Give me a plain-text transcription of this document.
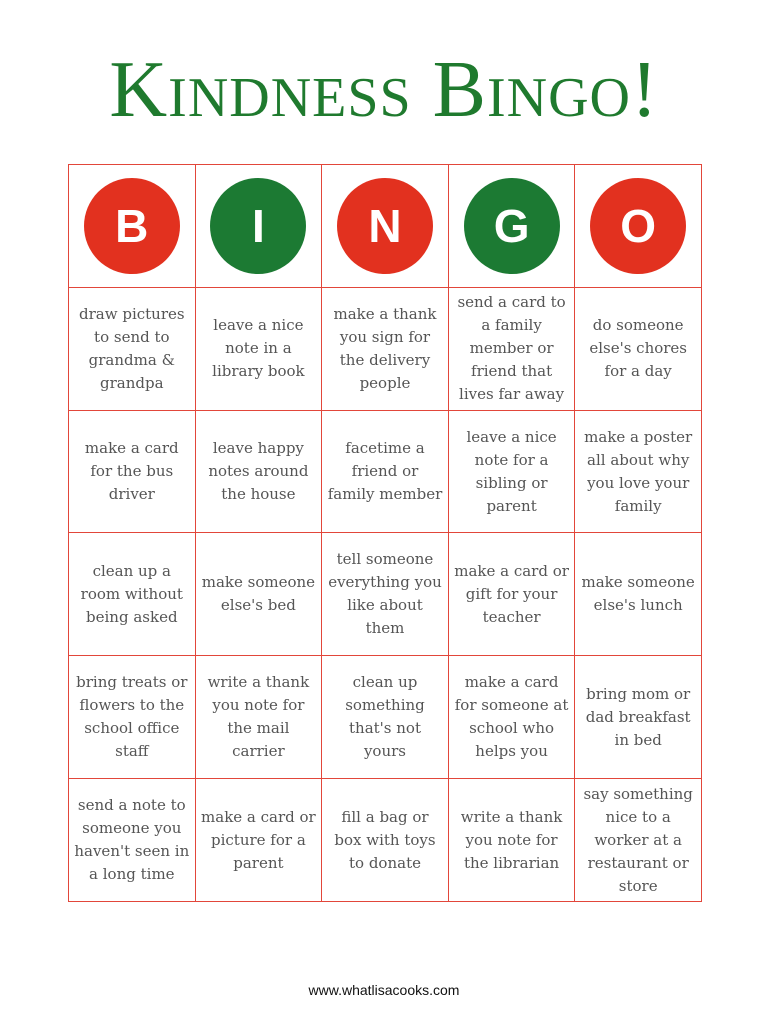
Kindness Bingo!
B	I	N	G	O
draw pictures to send to grandma & grandpa	leave a nice note in a library book	make a thank you sign for the delivery people	send a card to a family member or friend that lives far away	do someone else's chores for a day
make a card for the bus driver	leave happy notes around the house	facetime a friend or family member	leave a nice note for a sibling or parent	make a poster all about why you love your family
clean up a room without being asked	make someone else's bed	tell someone everything you like about them	make a card or gift for your teacher	make someone else's lunch
bring treats or flowers to the school office staff	write a thank you note for the mail carrier	clean up something that's not yours	make a card for someone at school who helps you	bring mom or dad breakfast in bed
send a note to someone you haven't seen in a long time	make a card or picture for a parent	fill a bag or box with toys to donate	write a thank you note for the librarian	say something nice to a worker at a restaurant or store
www.whatlisacooks.com
